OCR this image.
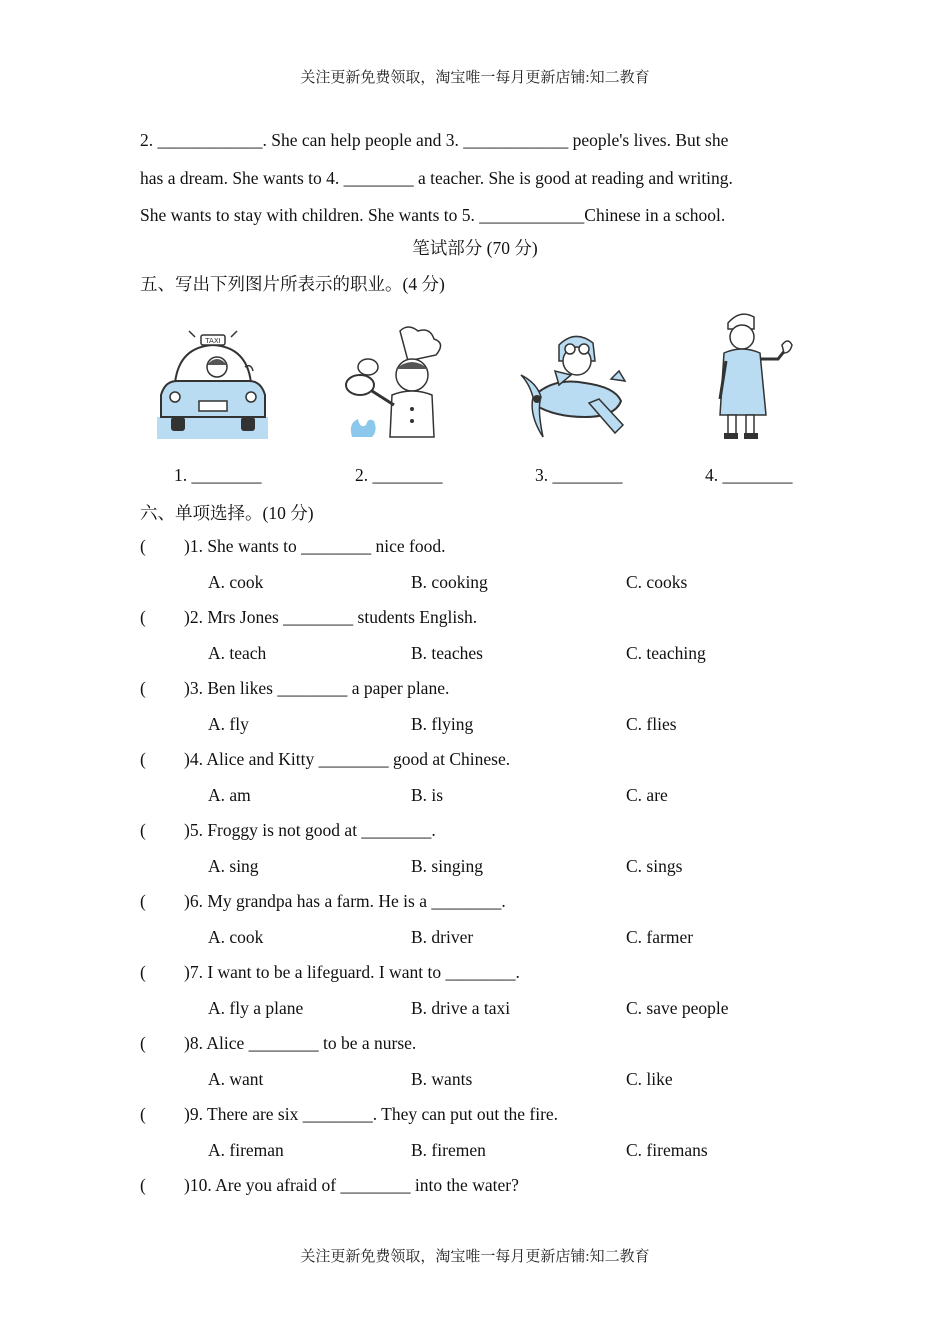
关注更新免费领取，淘宝唯一每月更新店铺:知二教育

2. ____________. She can help people and 3. ____________ people's lives. But she

has a dream. She wants to 4. ________ a teacher. She is good at reading and writing.

She wants to stay with children. She wants to 5. ____________Chinese in a school.

笔试部分 (70 分)
五、写出下列图片所表示的职业。(4 分)
TAXI
1. ________	2. ________	3. ________	4. ________
六、单项选择。(10 分)
( )1. She wants to ________ nice food.
A. cook	B. cooking	C. cooks
( )2. Mrs Jones ________ students English.
A. teach	B. teaches	C. teaching
( )3. Ben likes ________ a paper plane.
A. fly	B. flying	C. flies
( )4. Alice and Kitty ________ good at Chinese.
A. am	B. is	C. are
( )5. Froggy is not good at ________.
A. sing	B. singing	C. sings
( )6. My grandpa has a farm. He is a ________.
A. cook	B. driver	C. farmer
( )7. I want to be a lifeguard. I want to ________.
A. fly a plane	B. drive a taxi	C. save people
( )8. Alice ________ to be a nurse.
A. want	B. wants	C. like
( )9. There are six ________. They can put out the fire.
A. fireman	B. firemen	C. firemans
( )10. Are you afraid of ________ into the water?
关注更新免费领取，淘宝唯一每月更新店铺:知二教育
